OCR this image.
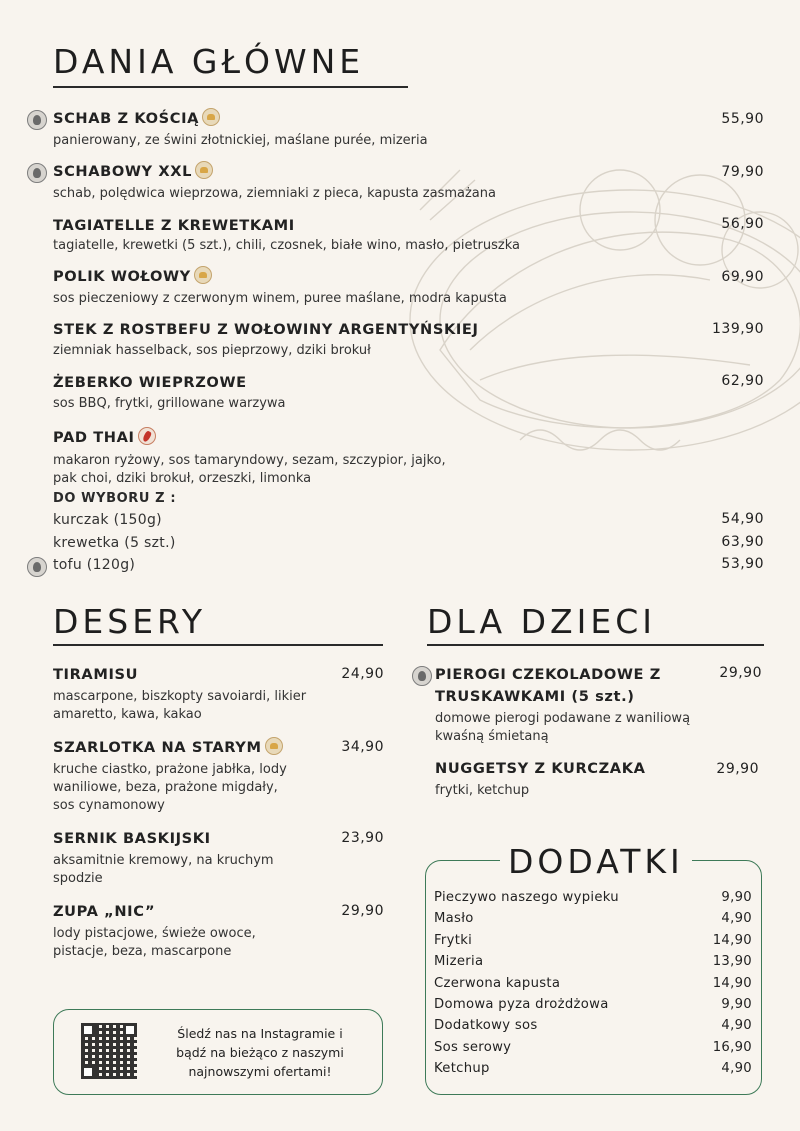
DANIA GŁÓWNE
SCHAB Z KOŚCIĄ
panierowany, ze świni złotnickiej, maślane purée, mizeria
55,90
SCHABOWY XXL
schab, polędwica wieprzowa, ziemniaki z pieca, kapusta zasmażana
79,90
TAGIATELLE Z KREWETKAMI
tagiatelle, krewetki (5 szt.), chili, czosnek, białe wino, masło, pietruszka
56,90
POLIK WOŁOWY
sos pieczeniowy z czerwonym winem, puree maślane, modra kapusta
69,90
STEK Z ROSTBEFU Z WOŁOWINY ARGENTYŃSKIEJ
ziemniak hasselback, sos pieprzowy, dziki brokuł
139,90
ŻEBERKO WIEPRZOWE
sos BBQ, frytki, grillowane warzywa
62,90
PAD THAI
makaron ryżowy, sos tamaryndowy, sezam, szczypior, jajko,
pak choi, dziki brokuł, orzeszki, limonka
DO WYBORU Z :
kurczak (150g)	54,90
krewetka (5 szt.)	63,90
tofu (120g)	53,90
DESERY
TIRAMISU	24,90
mascarpone, biszkopty savoiardi, likier
amaretto, kawa, kakao
SZARLOTKA NA STARYM	34,90
kruche ciastko, prażone jabłka, lody
waniliowe, beza, prażone migdały,
sos cynamonowy
SERNIK BASKIJSKI	23,90
aksamitnie kremowy, na kruchym
spodzie
ZUPA „NIC”	29,90
lody pistacjowe, świeże owoce,
pistacje, beza, mascarpone
Śledź nas na Instagramie i
bądź na bieżąco z naszymi
najnowszymi ofertami!
DLA DZIECI
PIEROGI CZEKOLADOWE Z
TRUSKAWKAMI (5 szt.)
29,90
domowe pierogi podawane z waniliową
kwaśną śmietaną
NUGGETSY Z KURCZAKA	29,90
frytki, ketchup
DODATKI
Pieczywo naszego wypieku	9,90
Masło	4,90
Frytki	14,90
Mizeria	13,90
Czerwona kapusta	14,90
Domowa pyza drożdżowa	9,90
Dodatkowy sos	4,90
Sos serowy	16,90
Ketchup	4,90
